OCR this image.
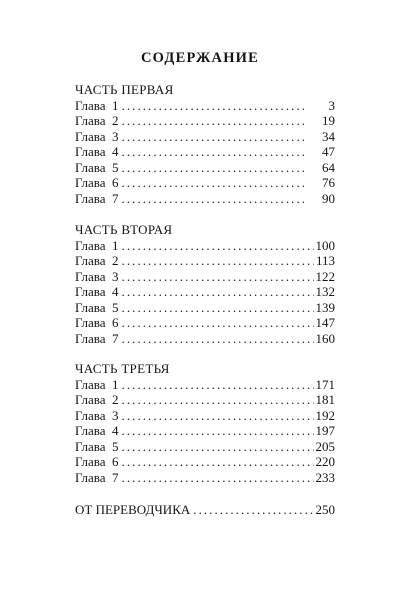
СОДЕРЖАНИЕ
ЧАСТЬ ПЕРВАЯ
Глава  1 . . .	3
Глава  2 . . .	19
Глава  3 . . .	34
Глава  4 . . .	47
Глава  5 . . .	64
Глава  6 . . .	76
Глава  7 . . .	90
ЧАСТЬ ВТОРАЯ
Глава  1 . . .	100
Глава  2 . . .	113
Глава  3 . . .	122
Глава  4 . . .	132
Глава  5 . . .	139
Глава  6 . . .	147
Глава  7 . . .	160
ЧАСТЬ ТРЕТЬЯ
Глава  1 . . .	171
Глава  2 . . .	181
Глава  3 . . .	192
Глава  4 . . .	197
Глава  5 . . .	205
Глава  6 . . .	220
Глава  7 . . .	233
ОТ ПЕРЕВОДЧИКА . . .	250
